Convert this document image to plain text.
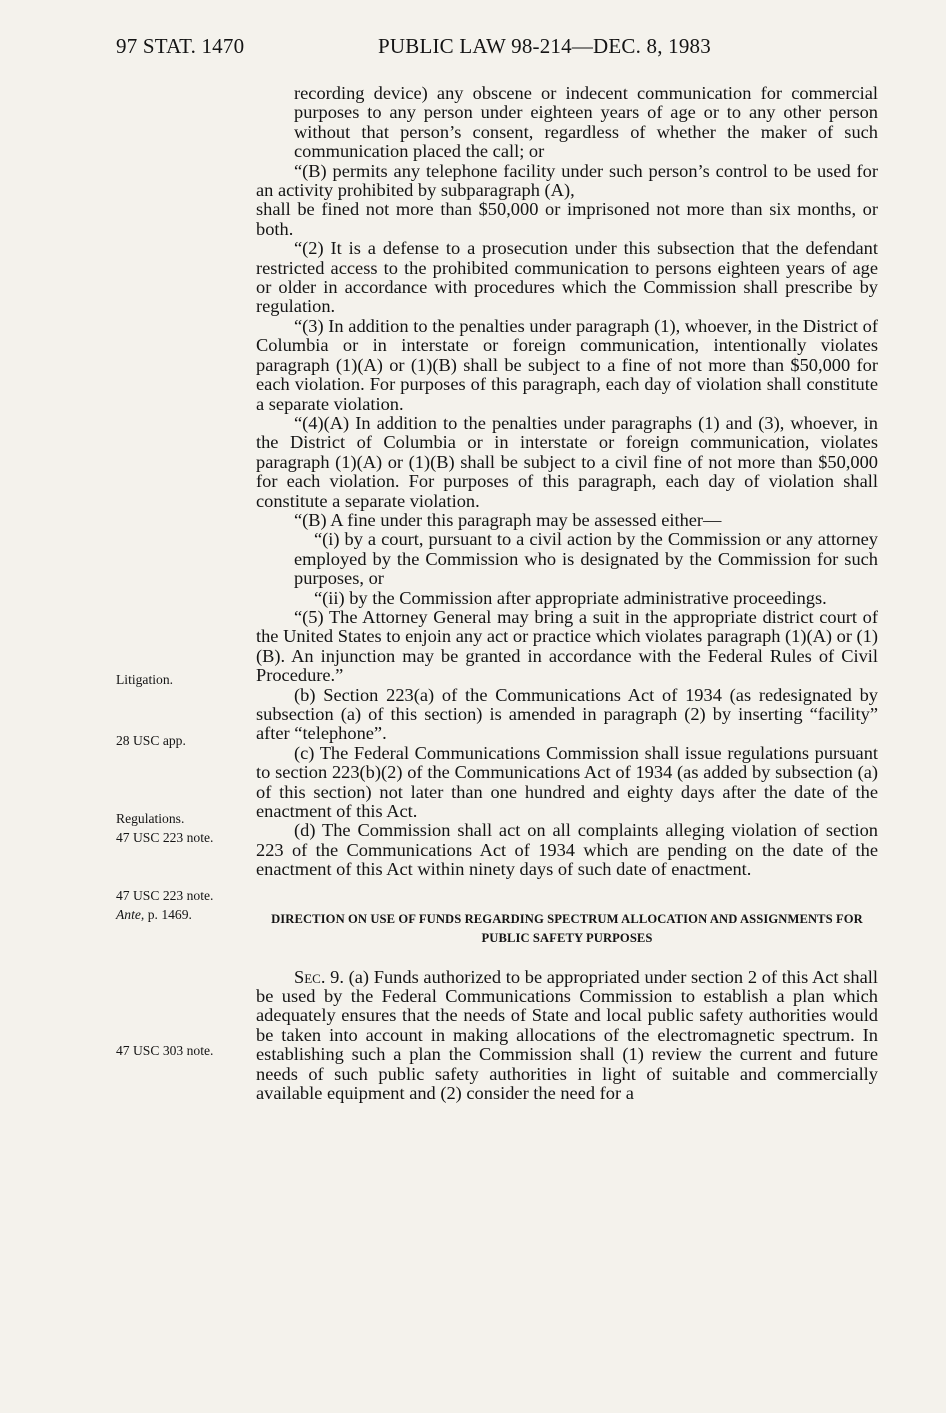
97 STAT. 1470	PUBLIC LAW 98-214—DEC. 8, 1983
Litigation.
28 USC app.
Regulations.
47 USC 223 note.
47 USC 223 note.
Ante, p. 1469.
47 USC 303 note.

recording device) any obscene or indecent communication for commercial purposes to any person under eighteen years of age or to any other person without that person’s consent, regardless of whether the maker of such communication placed the call; or

“(B) permits any telephone facility under such person’s control to be used for an activity prohibited by subparagraph (A),

shall be fined not more than $50,000 or imprisoned not more than six months, or both.

“(2) It is a defense to a prosecution under this subsection that the defendant restricted access to the prohibited communication to persons eighteen years of age or older in accordance with procedures which the Commission shall prescribe by regulation.

“(3) In addition to the penalties under paragraph (1), whoever, in the District of Columbia or in interstate or foreign communication, intentionally violates paragraph (1)(A) or (1)(B) shall be subject to a fine of not more than $50,000 for each violation. For purposes of this paragraph, each day of violation shall constitute a separate violation.

“(4)(A) In addition to the penalties under paragraphs (1) and (3), whoever, in the District of Columbia or in interstate or foreign communication, violates paragraph (1)(A) or (1)(B) shall be subject to a civil fine of not more than $50,000 for each violation. For purposes of this paragraph, each day of violation shall constitute a separate violation.

“(B) A fine under this paragraph may be assessed either—

“(i) by a court, pursuant to a civil action by the Commission or any attorney employed by the Commission who is designated by the Commission for such purposes, or

“(ii) by the Commission after appropriate administrative proceedings.

“(5) The Attorney General may bring a suit in the appropriate district court of the United States to enjoin any act or practice which violates paragraph (1)(A) or (1)(B). An injunction may be granted in accordance with the Federal Rules of Civil Procedure.”

(b) Section 223(a) of the Communications Act of 1934 (as redesignated by subsection (a) of this section) is amended in paragraph (2) by inserting “facility” after “telephone”.

(c) The Federal Communications Commission shall issue regulations pursuant to section 223(b)(2) of the Communications Act of 1934 (as added by subsection (a) of this section) not later than one hundred and eighty days after the date of the enactment of this Act.

(d) The Commission shall act on all complaints alleging violation of section 223 of the Communications Act of 1934 which are pending on the date of the enactment of this Act within ninety days of such date of enactment.

DIRECTION ON USE OF FUNDS REGARDING SPECTRUM ALLOCATION AND ASSIGNMENTS FOR PUBLIC SAFETY PURPOSES

Sec. 9. (a) Funds authorized to be appropriated under section 2 of this Act shall be used by the Federal Communications Commission to establish a plan which adequately ensures that the needs of State and local public safety authorities would be taken into account in making allocations of the electromagnetic spectrum. In establishing such a plan the Commission shall (1) review the current and future needs of such public safety authorities in light of suitable and commercially available equipment and (2) consider the need for a
